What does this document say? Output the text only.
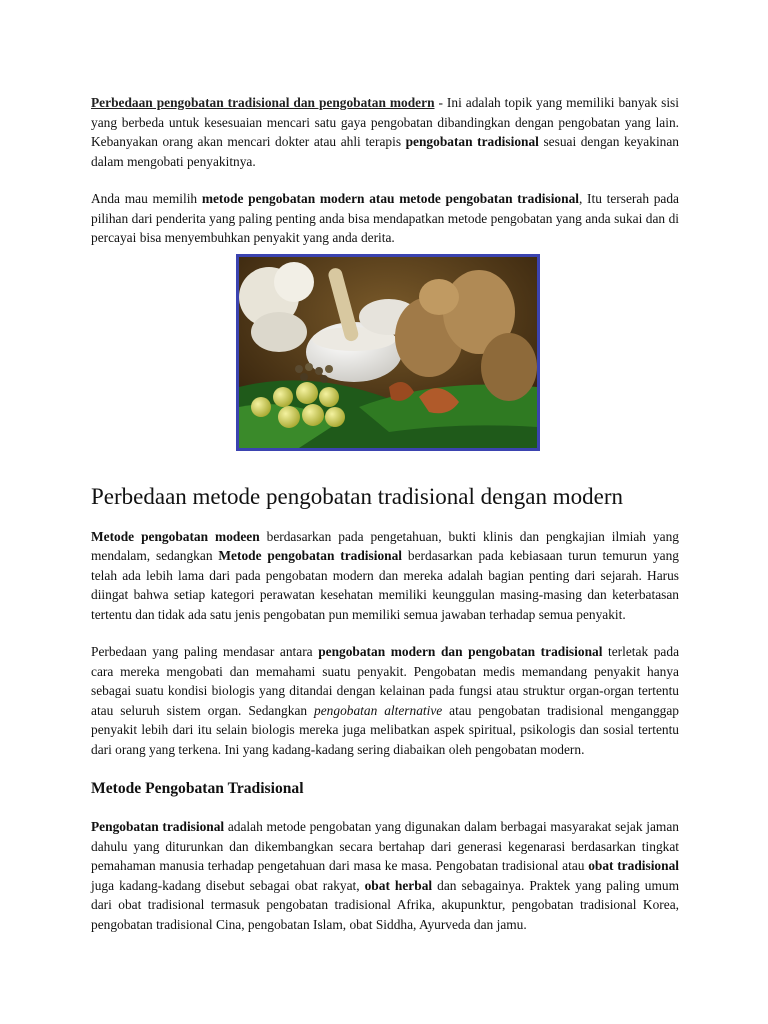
Perbedaan pengobatan tradisional dan pengobatan modern - Ini adalah topik yang memiliki banyak sisi yang berbeda untuk kesesuaian mencari satu gaya pengobatan dibandingkan dengan pengobatan yang lain. Kebanyakan orang akan mencari dokter atau ahli terapis pengobatan tradisional sesuai dengan keyakinan dalam mengobati penyakitnya.

Anda mau memilih metode pengobatan modern atau metode pengobatan tradisional, Itu terserah pada pilihan dari penderita yang paling penting anda bisa mendapatkan metode pengobatan yang anda sukai dan di percayai bisa menyembuhkan penyakit yang anda derita.

Perbedaan metode pengobatan tradisional dengan modern

Metode pengobatan modeen berdasarkan pada pengetahuan, bukti klinis dan pengkajian ilmiah yang mendalam, sedangkan Metode pengobatan tradisional berdasarkan pada kebiasaan turun temurun yang telah ada lebih lama dari pada pengobatan modern dan mereka adalah bagian penting dari sejarah. Harus diingat bahwa setiap kategori perawatan kesehatan memiliki keunggulan masing-masing dan keterbatasan tertentu dan tidak ada satu jenis pengobatan pun memiliki semua jawaban terhadap semua penyakit.

Perbedaan yang paling mendasar antara pengobatan modern dan pengobatan tradisional terletak pada cara mereka mengobati dan memahami suatu penyakit. Pengobatan medis memandang penyakit hanya sebagai suatu kondisi biologis yang ditandai dengan kelainan pada fungsi atau struktur organ-organ tertentu atau seluruh sistem organ. Sedangkan pengobatan alternative atau pengobatan tradisional menganggap penyakit lebih dari itu selain biologis mereka juga melibatkan aspek spiritual, psikologis dan sosial tertentu dari orang yang terkena. Ini yang kadang-kadang sering diabaikan oleh pengobatan modern.

Metode Pengobatan Tradisional

Pengobatan tradisional adalah metode pengobatan yang digunakan dalam berbagai masyarakat sejak jaman dahulu yang diturunkan dan dikembangkan secara bertahap dari generasi kegenarasi berdasarkan tingkat pemahaman manusia terhadap pengetahuan dari masa ke masa. Pengobatan tradisional atau obat tradisional juga kadang-kadang disebut sebagai obat rakyat, obat herbal dan sebagainya. Praktek yang paling umum dari obat tradisional termasuk pengobatan tradisional Afrika, akupunktur, pengobatan tradisional Korea, pengobatan tradisional Cina, pengobatan Islam, obat Siddha, Ayurveda dan jamu.
